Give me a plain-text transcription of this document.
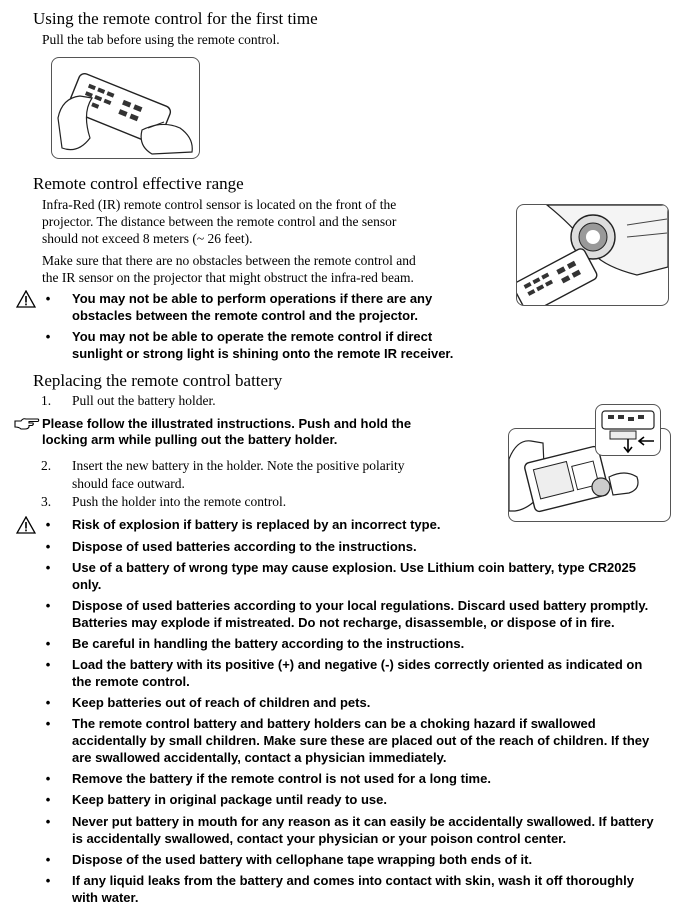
Using the remote control for the first time
Pull the tab before using the remote control.
Remote control effective range
Infra-Red (IR) remote control sensor is located on the front of the
projector. The distance between the remote control and the sensor
should not exceed 8 meters (~ 26 feet).
Make sure that there are no obstacles between the remote control and
the IR sensor on the projector that might obstruct the infra-red beam.
• You may not be able to perform operations if there are any
obstacles between the remote control and the projector.
• You may not be able to operate the remote control if direct
sunlight or strong light is shining onto the remote IR receiver.
Replacing the remote control battery
1. Pull out the battery holder.
Please follow the illustrated instructions. Push and hold the
locking arm while pulling out the battery holder.
2. Insert the new battery in the holder. Note the positive polarity
should face outward.
3. Push the holder into the remote control.
• Risk of explosion if battery is replaced by an incorrect type.
• Dispose of used batteries according to the instructions.
• Use of a battery of wrong type may cause explosion. Use Lithium coin battery, type CR2025
only.
• Dispose of used batteries according to your local regulations. Discard used battery promptly.
Batteries may explode if mistreated. Do not recharge, disassemble, or dispose of in fire.
• Be careful in handling the battery according to the instructions.
• Load the battery with its positive (+) and negative (-) sides correctly oriented as indicated on
the remote control.
• Keep batteries out of reach of children and pets.
• The remote control battery and battery holders can be a choking hazard if swallowed
accidentally by small children. Make sure these are placed out of the reach of children. If they
are swallowed accidentally, contact a physician immediately.
• Remove the battery if the remote control is not used for a long time.
• Keep battery in original package until ready to use.
• Never put battery in mouth for any reason as it can easily be accidentally swallowed. If battery
is accidentally swallowed, contact your physician or your poison control center.
• Dispose of the used battery with cellophane tape wrapping both ends of it.
• If any liquid leaks from the battery and comes into contact with skin, wash it off thoroughly
with water.
